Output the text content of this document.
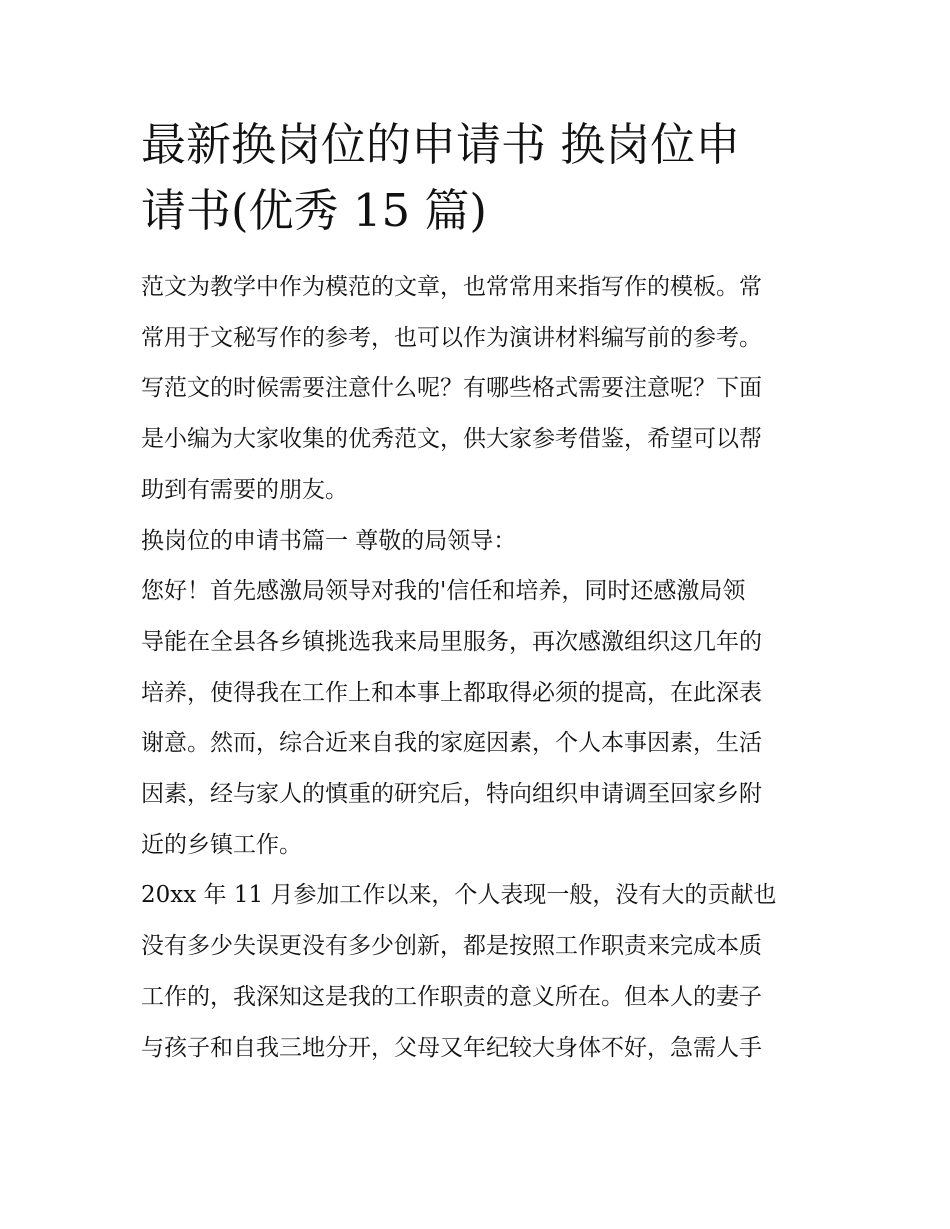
最新换岗位的申请书 换岗位申
请书(优秀 15 篇)

范文为教学中作为模范的文章，也常常用来指写作的模板。常
常用于文秘写作的参考，也可以作为演讲材料编写前的参考。
写范文的时候需要注意什么呢？有哪些格式需要注意呢？下面
是小编为大家收集的优秀范文，供大家参考借鉴，希望可以帮
助到有需要的朋友。

换岗位的申请书篇一 尊敬的局领导：

您好！首先感激局领导对我的'信任和培养，同时还感激局领
导能在全县各乡镇挑选我来局里服务，再次感激组织这几年的
培养，使得我在工作上和本事上都取得必须的提高，在此深表
谢意。然而，综合近来自我的家庭因素，个人本事因素，生活
因素，经与家人的慎重的研究后，特向组织申请调至回家乡附
近的乡镇工作。

20xx 年 11 月参加工作以来，个人表现一般，没有大的贡献也
没有多少失误更没有多少创新，都是按照工作职责来完成本质
工作的，我深知这是我的工作职责的意义所在。但本人的妻子
与孩子和自我三地分开，父母又年纪较大身体不好，急需人手
